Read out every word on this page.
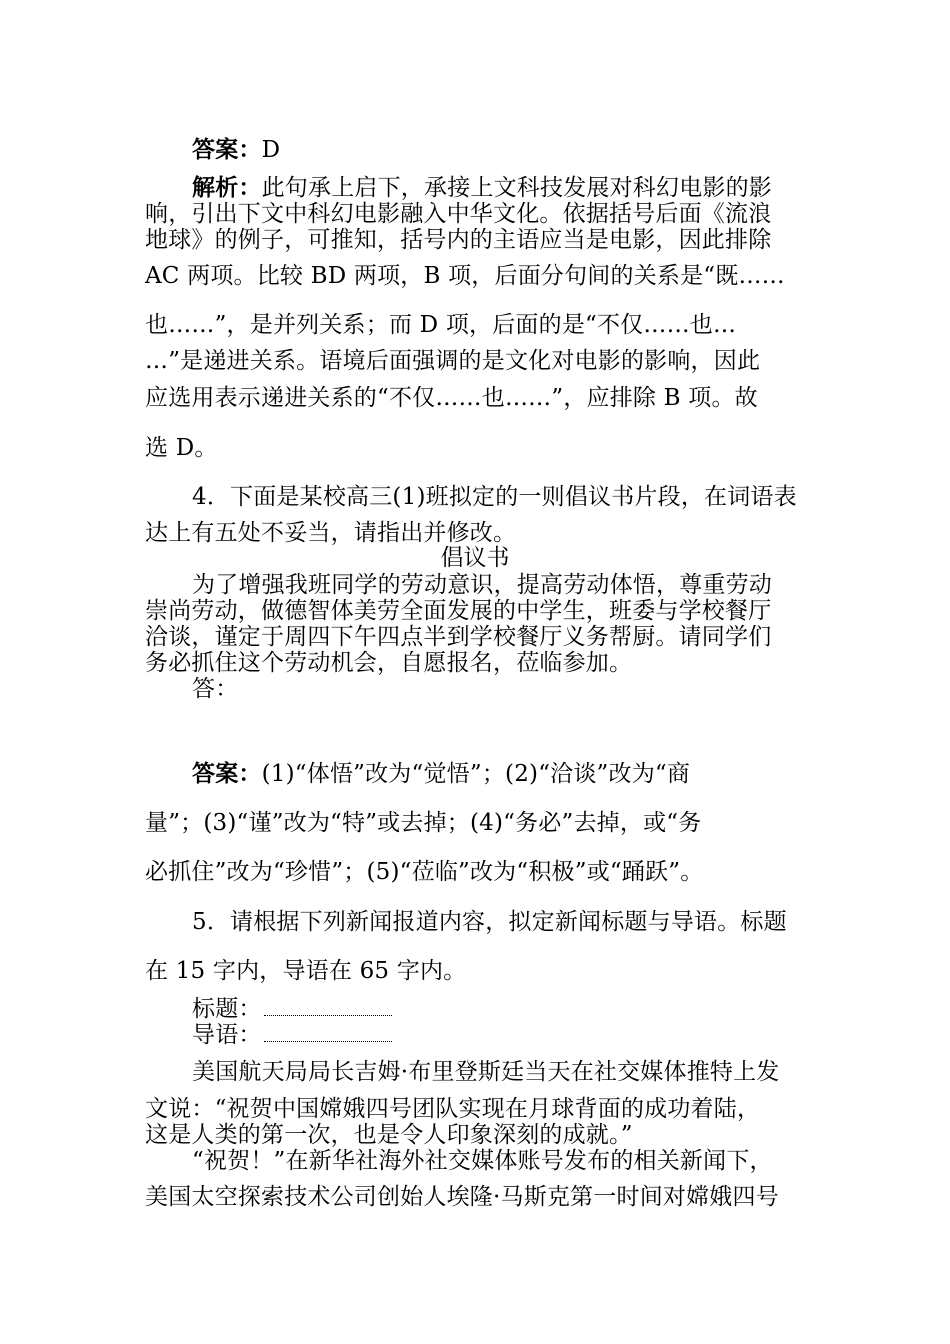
答案：D
解析：此句承上启下，承接上文科技发展对科幻电影的影
响，引出下文中科幻电影融入中华文化。依据括号后面《流浪
地球》的例子，可推知，括号内的主语应当是电影，因此排除
AC 两项。比较 BD 两项，B 项，后面分句间的关系是“既……
也……”，是并列关系；而 D 项，后面的是“不仅……也…
…”是递进关系。语境后面强调的是文化对电影的影响，因此
应选用表示递进关系的“不仅……也……”，应排除 B 项。故
选 D。
4．下面是某校高三(1)班拟定的一则倡议书片段，在词语表
达上有五处不妥当，请指出并修改。
倡议书
为了增强我班同学的劳动意识，提高劳动体悟，尊重劳动
崇尚劳动，做德智体美劳全面发展的中学生，班委与学校餐厅
洽谈，谨定于周四下午四点半到学校餐厅义务帮厨。请同学们
务必抓住这个劳动机会，自愿报名，莅临参加。
答：
答案：(1)“体悟”改为“觉悟”；(2)“洽谈”改为“商
量”；(3)“谨”改为“特”或去掉；(4)“务必”去掉，或“务
必抓住”改为“珍惜”；(5)“莅临”改为“积极”或“踊跃”。
5．请根据下列新闻报道内容，拟定新闻标题与导语。标题
在 15 字内，导语在 65 字内。
标题：
导语：
美国航天局局长吉姆·布里登斯廷当天在社交媒体推特上发
文说：“祝贺中国嫦娥四号团队实现在月球背面的成功着陆，
这是人类的第一次，也是令人印象深刻的成就。”
“祝贺！”在新华社海外社交媒体账号发布的相关新闻下，
美国太空探索技术公司创始人埃隆·马斯克第一时间对嫦娥四号
